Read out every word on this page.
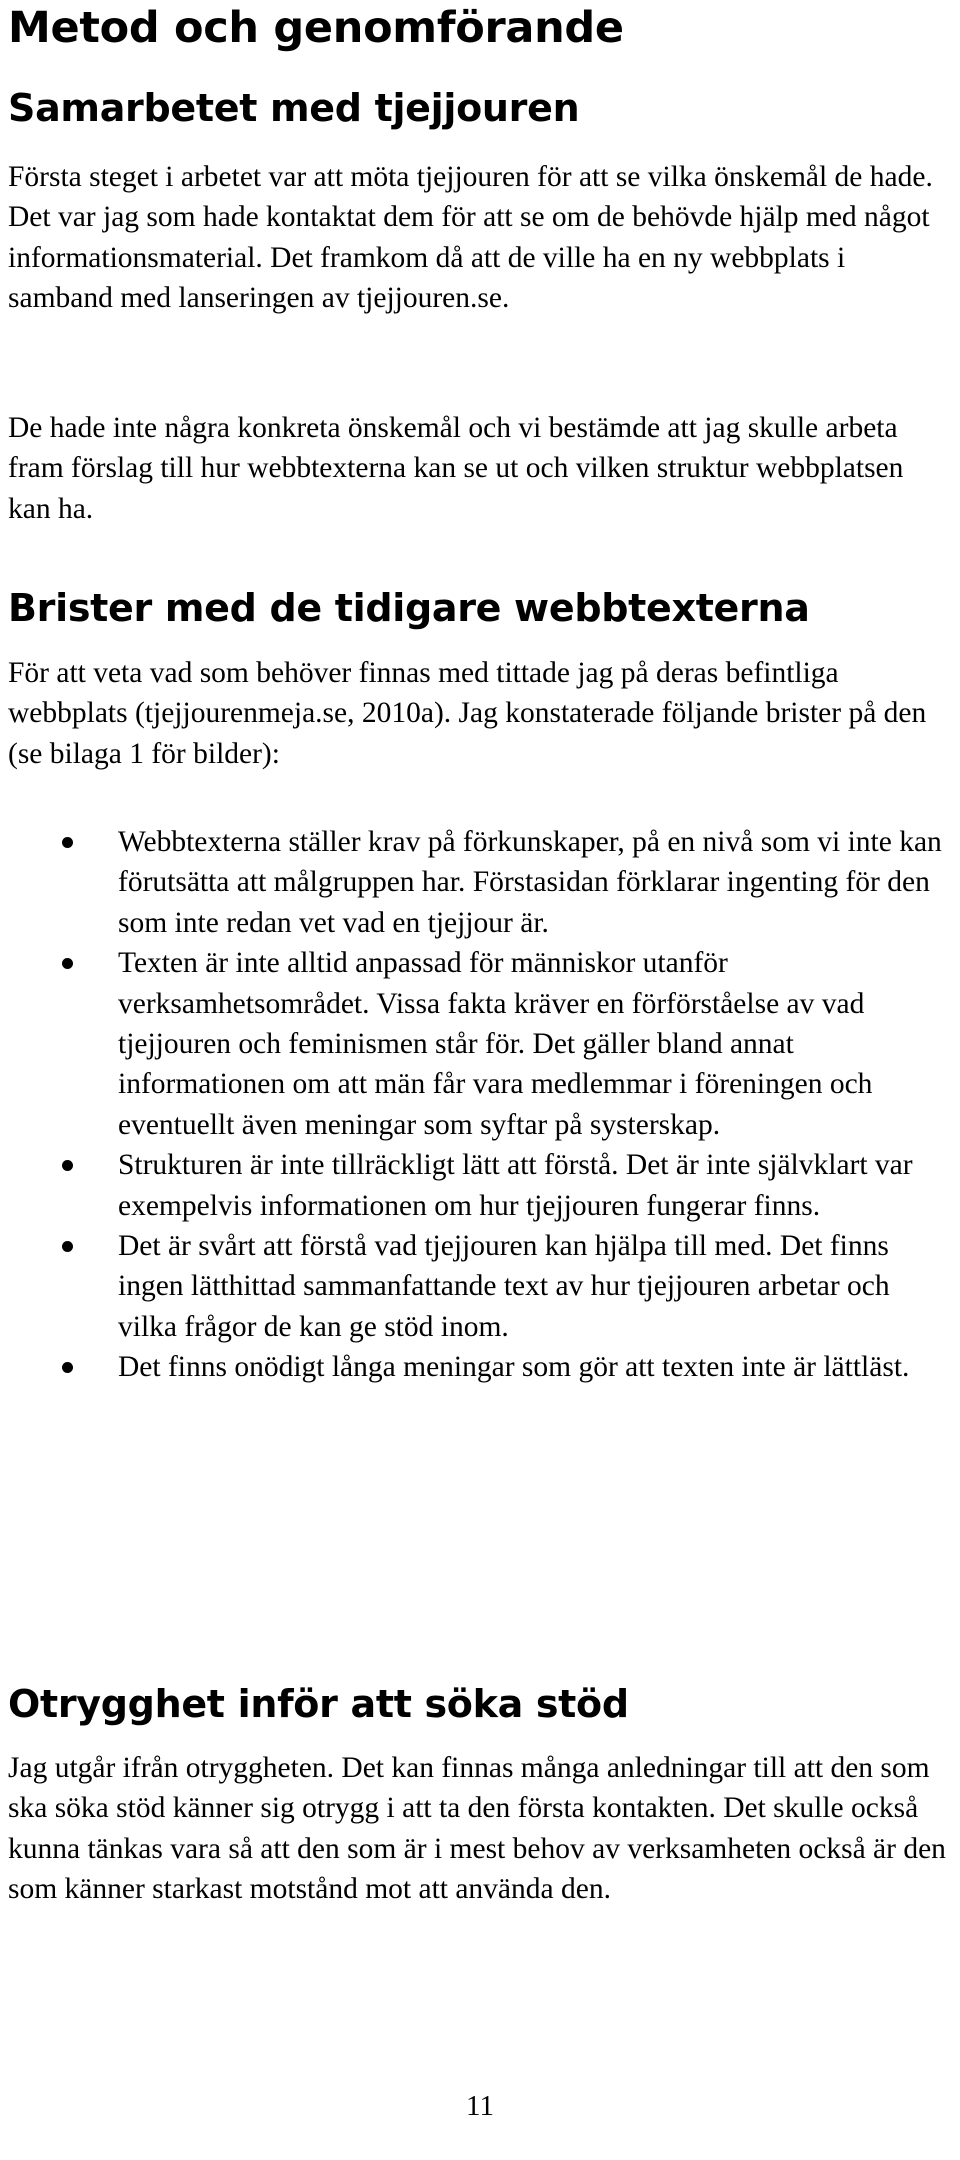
Metod och genomförande
Samarbetet med tjejjouren

Första steget i arbetet var att möta tjejjouren för att se vilka önskemål de hade. Det var jag som hade kontaktat dem för att se om de behövde hjälp med något informationsmaterial. Det framkom då att de ville ha en ny webbplats i samband med lanseringen av tjejjouren.se.

De hade inte några konkreta önskemål och vi bestämde att jag skulle arbeta fram förslag till hur webbtexterna kan se ut och vilken struktur webbplatsen kan ha.

Brister med de tidigare webbtexterna

För att veta vad som behöver finnas med tittade jag på deras befintliga webbplats (tjejjourenmeja.se, 2010a). Jag konstaterade följande brister på den (se bilaga 1 för bilder):

Webbtexterna ställer krav på förkunskaper, på en nivå som vi inte kan förutsätta att målgruppen har. Förstasidan förklarar ingenting för den som inte redan vet vad en tjejjour är.
Texten är inte alltid anpassad för människor utanför verksamhetsområdet. Vissa fakta kräver en förförståelse av vad tjejjouren och feminismen står för. Det gäller bland annat informationen om att män får vara medlemmar i föreningen och eventuellt även meningar som syftar på systerskap.
Strukturen är inte tillräckligt lätt att förstå. Det är inte självklart var exempelvis informationen om hur tjejjouren fungerar finns.
Det är svårt att förstå vad tjejjouren kan hjälpa till med. Det finns ingen lätthittad sammanfattande text av hur tjejjouren arbetar och vilka frågor de kan ge stöd inom.
Det finns onödigt långa meningar som gör att texten inte är lättläst.
Otrygghet inför att söka stöd

Jag utgår ifrån otryggheten. Det kan finnas många anledningar till att den som ska söka stöd känner sig otrygg i att ta den första kontakten. Det skulle också kunna tänkas vara så att den som är i mest behov av verksamheten också är den som känner starkast motstånd mot att använda den.

11
